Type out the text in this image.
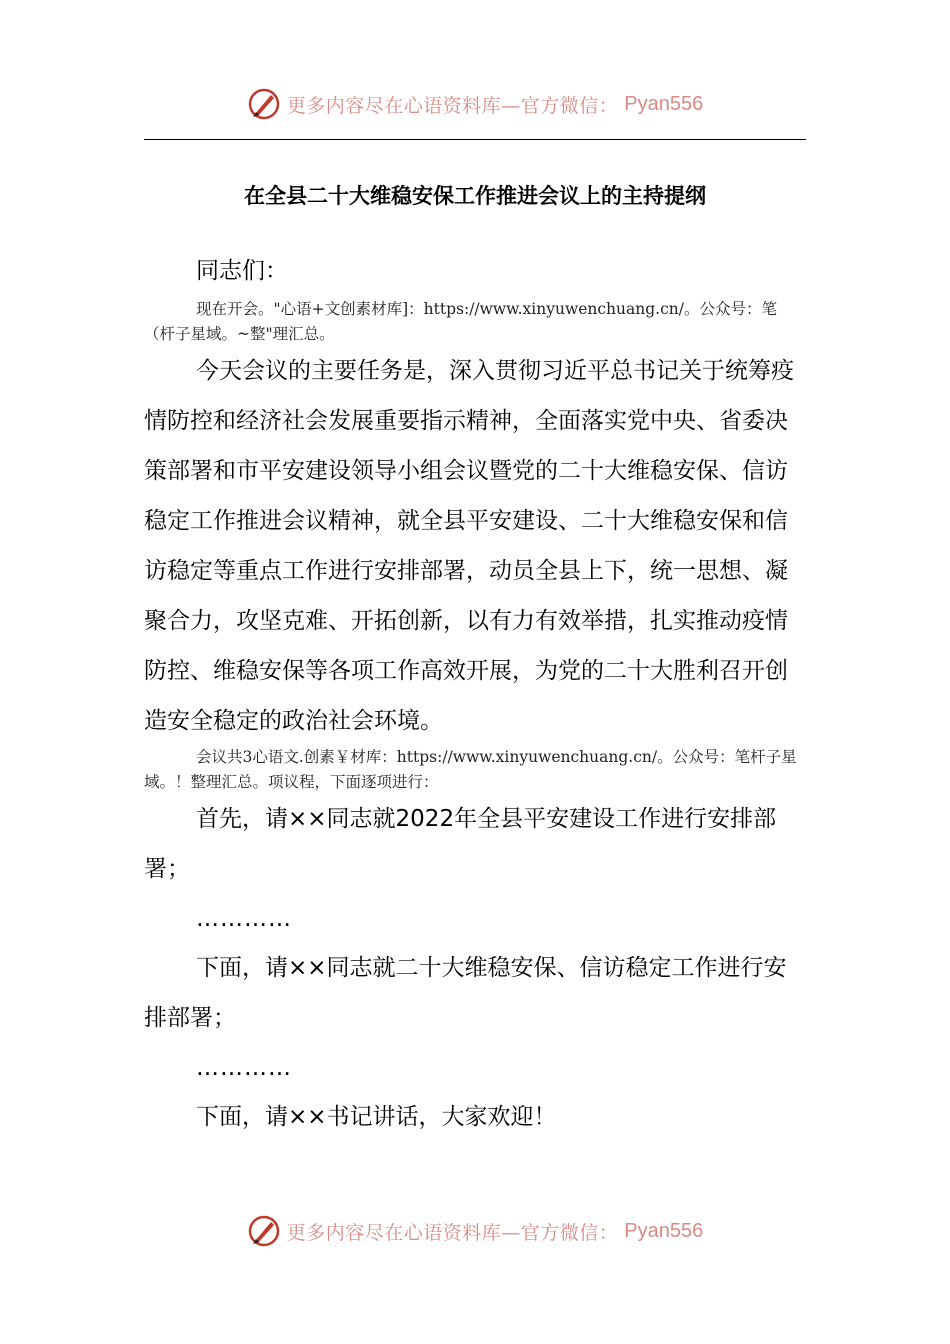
更多内容尽在心语资料库—官方微信： Pyan556
在全县二十大维稳安保工作推进会议上的主持提纲

同志们：

现在开会。"心语+文创素材库]：https://www.xinyuwenchuang.cn/。公众号：笔（杆子星域。~整"理汇总。

今天会议的主要任务是，深入贯彻习近平总书记关于统筹疫情防控和经济社会发展重要指示精神，全面落实党中央、省委决策部署和市平安建设领导小组会议暨党的二十大维稳安保、信访稳定工作推进会议精神，就全县平安建设、二十大维稳安保和信访稳定等重点工作进行安排部署，动员全县上下，统一思想、凝聚合力，攻坚克难、开拓创新，以有力有效举措，扎实推动疫情防控、维稳安保等各项工作高效开展，为党的二十大胜利召开创造安全稳定的政治社会环境。

会议共3心语文.创素￥材库：https://www.xinyuwenchuang.cn/。公众号：笔杆子星域。！整理汇总。项议程，下面逐项进行：

首先，请××同志就2022年全县平安建设工作进行安排部署；

…………

下面，请××同志就二十大维稳安保、信访稳定工作进行安排部署；

…………

下面，请××书记讲话，大家欢迎！

更多内容尽在心语资料库—官方微信： Pyan556
